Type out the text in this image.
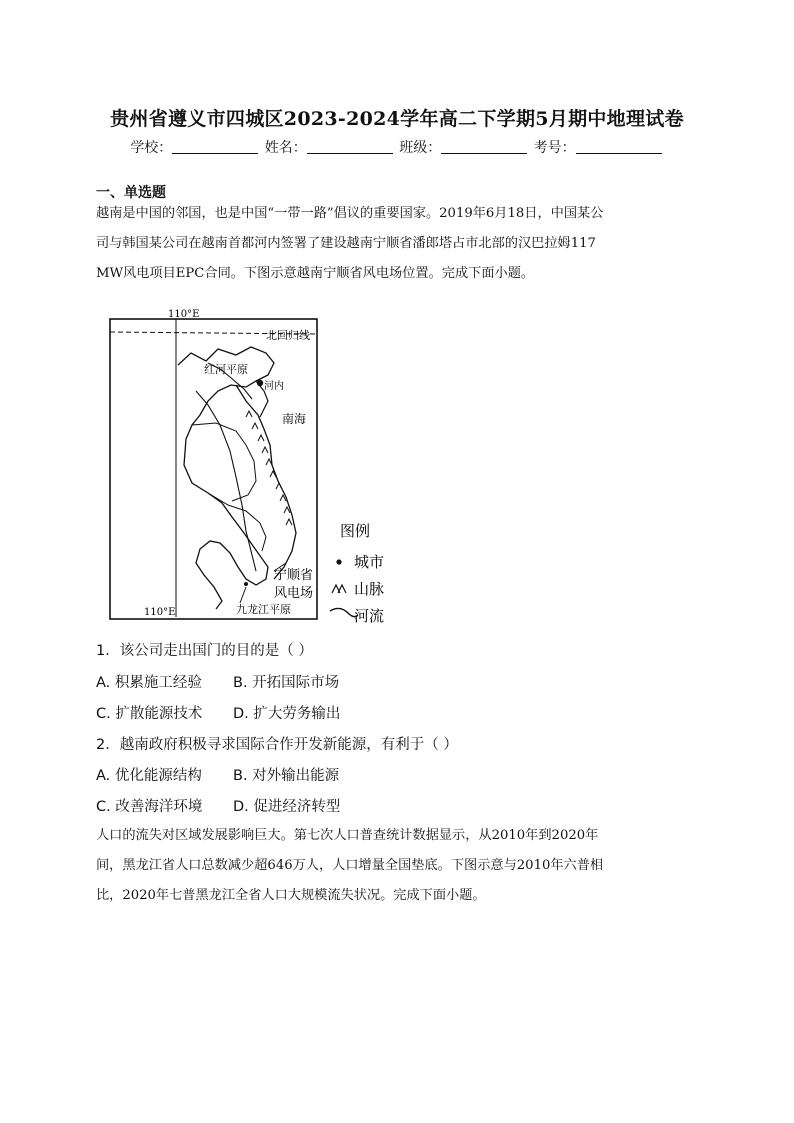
贵州省遵义市四城区2023-2024学年高二下学期5月期中地理试卷
学校：	姓名：	班级：	考号：
一、单选题
越南是中国的邻国，也是中国“一带一路”倡议的重要国家。2019年6月18日，中国某公
司与韩国某公司在越南首都河内签署了建设越南宁顺省潘郎塔占市北部的汉巴拉姆117
MW风电项目EPC合同。下图示意越南宁顺省风电场位置。完成下面小题。
110°E
110°E
北回归线
红河平原
河内
南海
宁顺省
风电场
九龙江平原
图例
城市
山脉
河流
1．该公司走出国门的目的是（ ）
A. 积累施工经验 B. 开拓国际市场
C. 扩散能源技术 D. 扩大劳务输出
2．越南政府积极寻求国际合作开发新能源，有利于（ ）
A. 优化能源结构 B. 对外输出能源
C. 改善海洋环境 D. 促进经济转型
人口的流失对区域发展影响巨大。第七次人口普查统计数据显示，从2010年到2020年
间，黑龙江省人口总数减少超646万人，人口增量全国垫底。下图示意与2010年六普相
比，2020年七普黑龙江全省人口大规模流失状况。完成下面小题。
